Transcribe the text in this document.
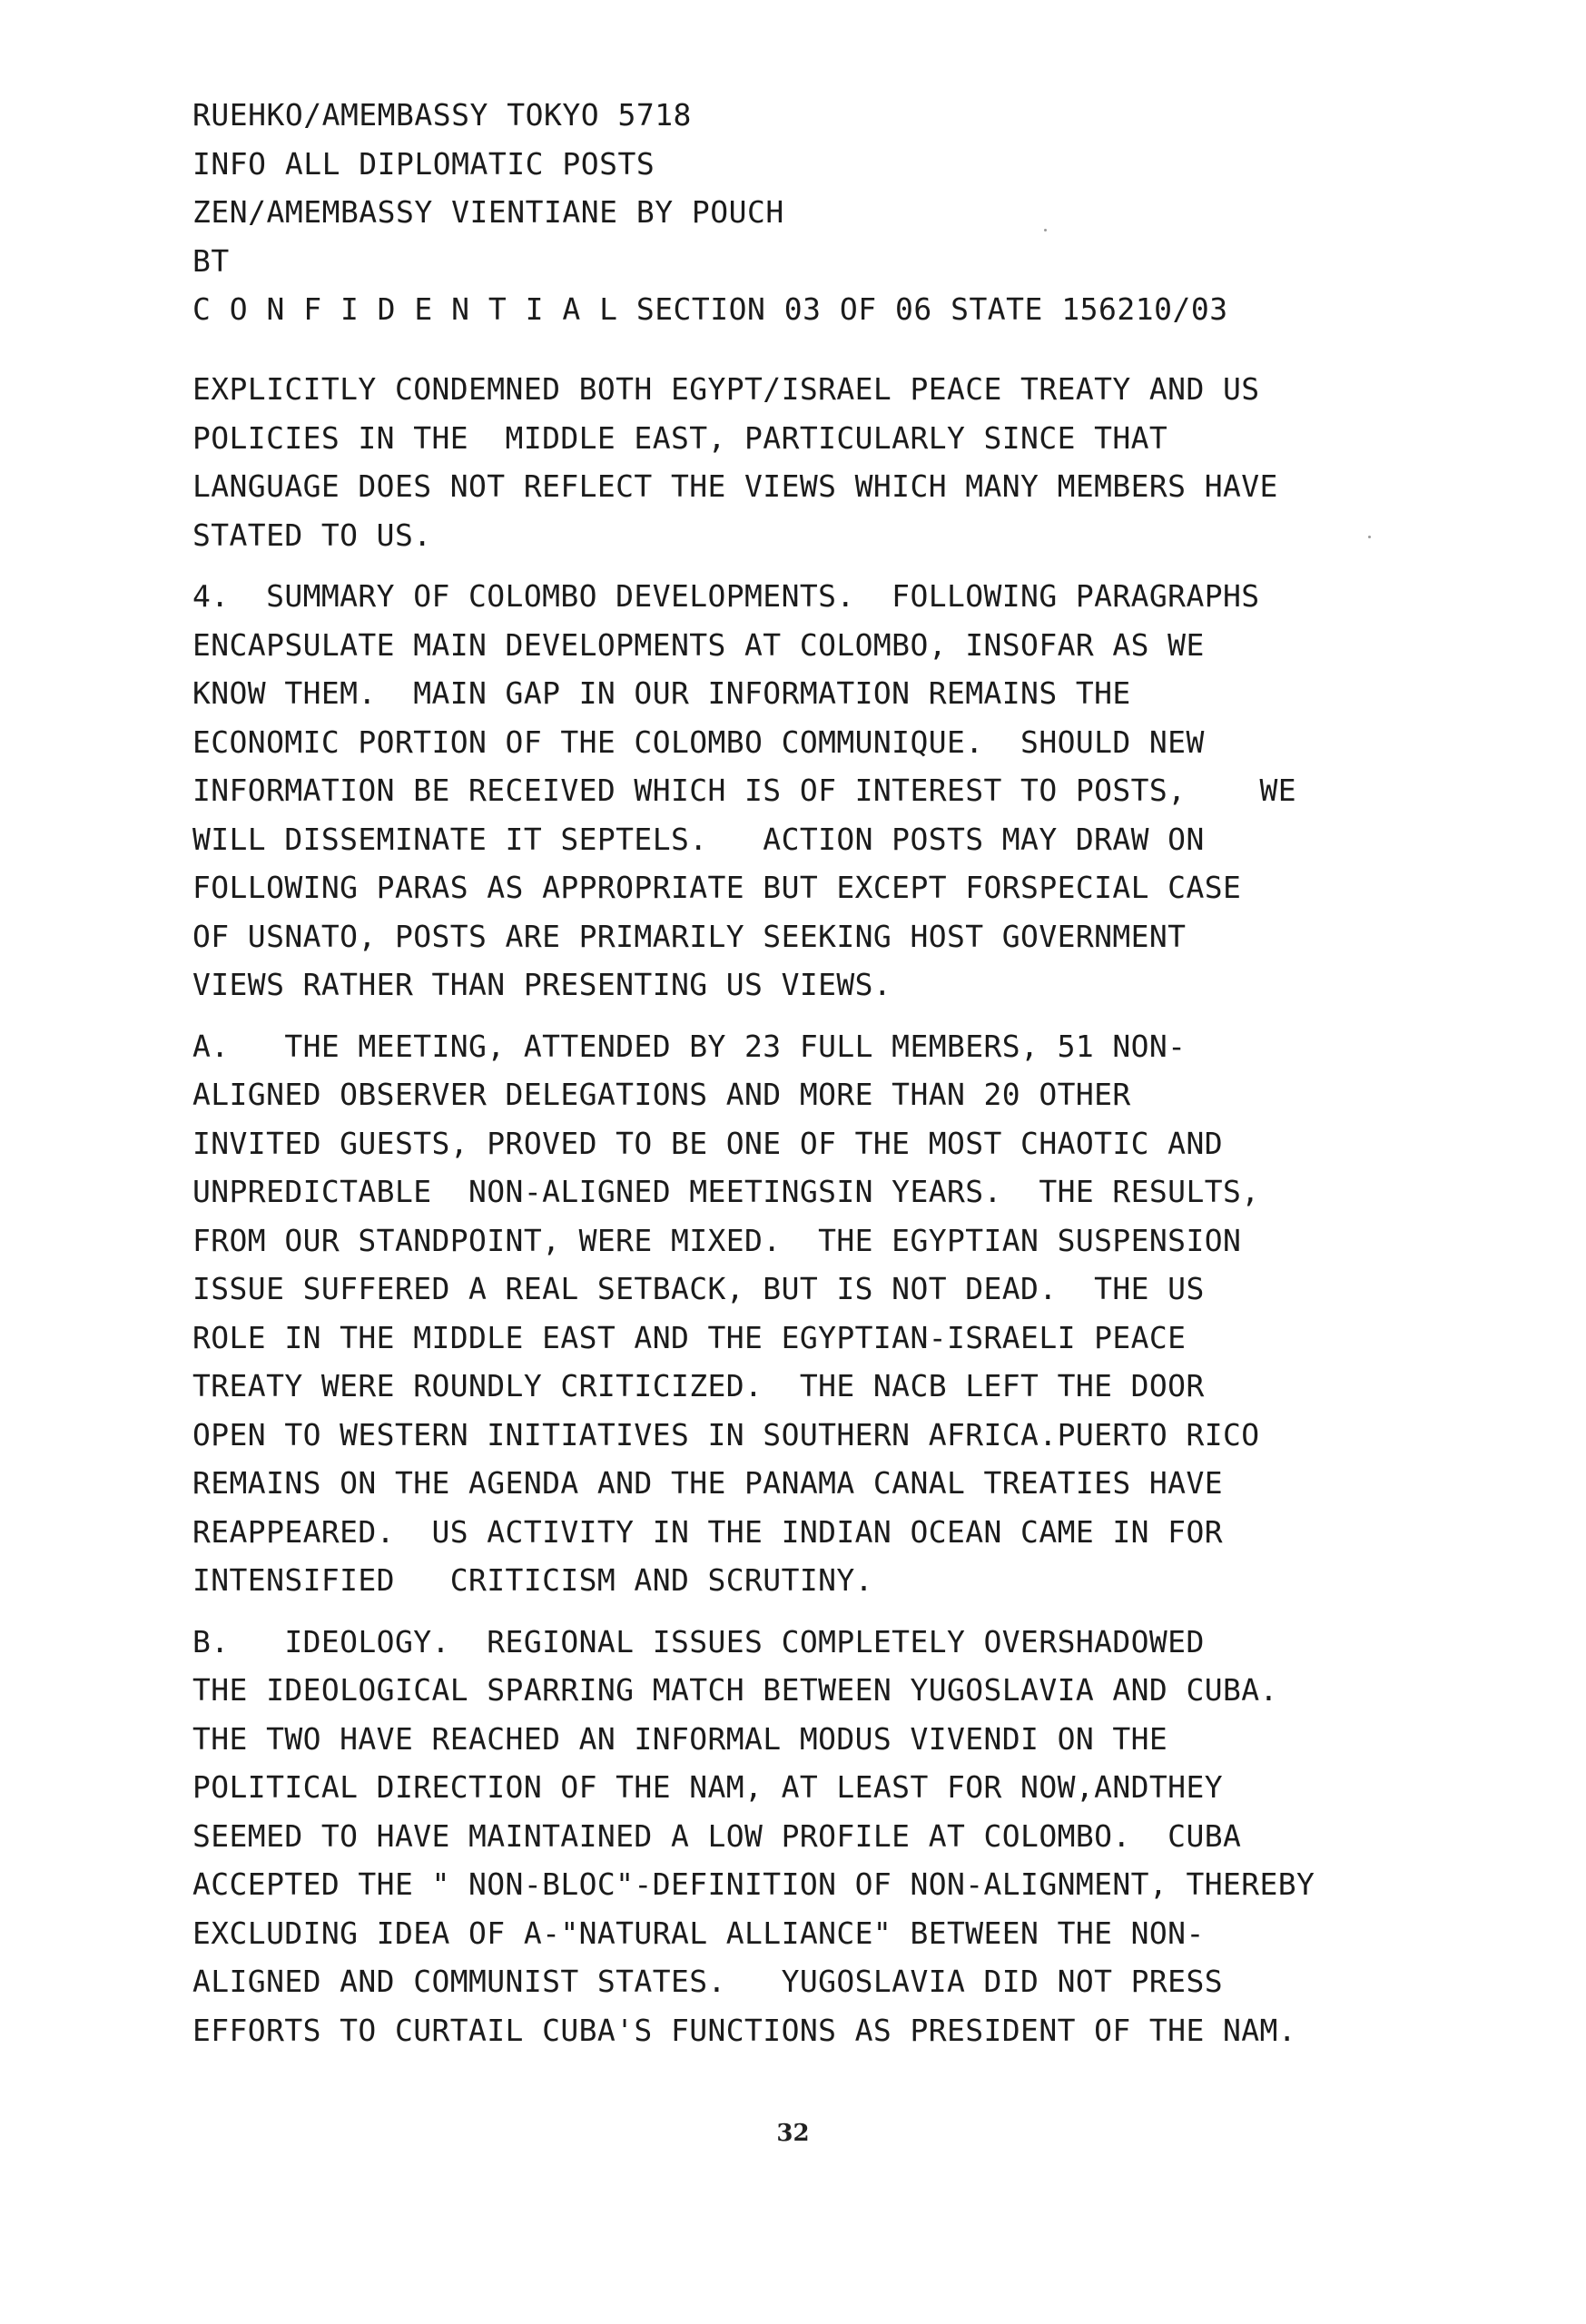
RUEHKO/AMEMBASSY TOKYO 5718
INFO ALL DIPLOMATIC POSTS
ZEN/AMEMBASSY VIENTIANE BY POUCH
BT
C O N F I D E N T I A L SECTION 03 OF 06 STATE 156210/03
EXPLICITLY CONDEMNED BOTH EGYPT/ISRAEL PEACE TREATY AND US
POLICIES IN THE  MIDDLE EAST, PARTICULARLY SINCE THAT
LANGUAGE DOES NOT REFLECT THE VIEWS WHICH MANY MEMBERS HAVE
STATED TO US.
4.  SUMMARY OF COLOMBO DEVELOPMENTS.  FOLLOWING PARAGRAPHS
ENCAPSULATE MAIN DEVELOPMENTS AT COLOMBO, INSOFAR AS WE
KNOW THEM.  MAIN GAP IN OUR INFORMATION REMAINS THE
ECONOMIC PORTION OF THE COLOMBO COMMUNIQUE.  SHOULD NEW
INFORMATION BE RECEIVED WHICH IS OF INTEREST TO POSTS,    WE
WILL DISSEMINATE IT SEPTELS.   ACTION POSTS MAY DRAW ON
FOLLOWING PARAS AS APPROPRIATE BUT EXCEPT FORSPECIAL CASE
OF USNATO, POSTS ARE PRIMARILY SEEKING HOST GOVERNMENT
VIEWS RATHER THAN PRESENTING US VIEWS.
A.   THE MEETING, ATTENDED BY 23 FULL MEMBERS, 51 NON-
ALIGNED OBSERVER DELEGATIONS AND MORE THAN 20 OTHER
INVITED GUESTS, PROVED TO BE ONE OF THE MOST CHAOTIC AND
UNPREDICTABLE  NON-ALIGNED MEETINGSIN YEARS.  THE RESULTS,
FROM OUR STANDPOINT, WERE MIXED.  THE EGYPTIAN SUSPENSION
ISSUE SUFFERED A REAL SETBACK, BUT IS NOT DEAD.  THE US
ROLE IN THE MIDDLE EAST AND THE EGYPTIAN-ISRAELI PEACE
TREATY WERE ROUNDLY CRITICIZED.  THE NACB LEFT THE DOOR
OPEN TO WESTERN INITIATIVES IN SOUTHERN AFRICA.PUERTO RICO
REMAINS ON THE AGENDA AND THE PANAMA CANAL TREATIES HAVE
REAPPEARED.  US ACTIVITY IN THE INDIAN OCEAN CAME IN FOR
INTENSIFIED   CRITICISM AND SCRUTINY.
B.   IDEOLOGY.  REGIONAL ISSUES COMPLETELY OVERSHADOWED
THE IDEOLOGICAL SPARRING MATCH BETWEEN YUGOSLAVIA AND CUBA.
THE TWO HAVE REACHED AN INFORMAL MODUS VIVENDI ON THE
POLITICAL DIRECTION OF THE NAM, AT LEAST FOR NOW,ANDTHEY
SEEMED TO HAVE MAINTAINED A LOW PROFILE AT COLOMBO.  CUBA
ACCEPTED THE " NON-BLOC"-DEFINITION OF NON-ALIGNMENT, THEREBY
EXCLUDING IDEA OF A-"NATURAL ALLIANCE" BETWEEN THE NON-
ALIGNED AND COMMUNIST STATES.   YUGOSLAVIA DID NOT PRESS
EFFORTS TO CURTAIL CUBA'S FUNCTIONS AS PRESIDENT OF THE NAM.
32
